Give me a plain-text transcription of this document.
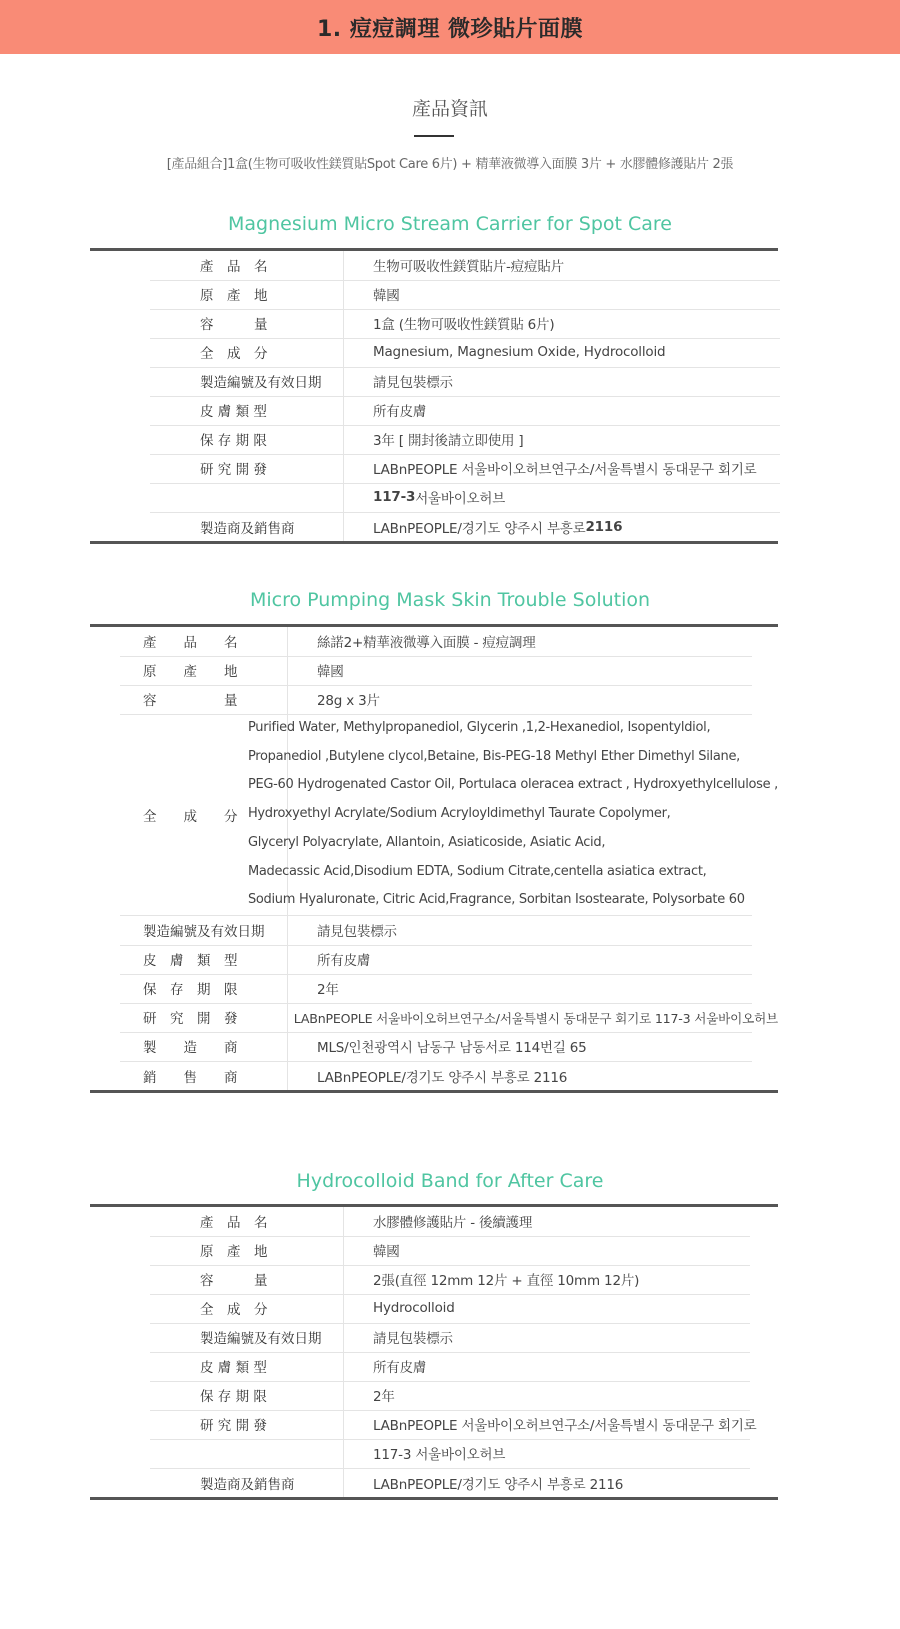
1. 痘痘調理 微珍貼片面膜
產品資訊
[產品組合]1盒(生物可吸收性鎂質貼Spot Care 6片) + 精華液微導入面膜 3片 + 水膠體修護貼片 2張
Magnesium Micro Stream Carrier for Spot Care
產　品　名	生物可吸收性鎂質貼片-痘痘貼片
原　產　地	韓國
容　　　量	1盒 (生物可吸收性鎂質貼 6片)
全　成　分	Magnesium, Magnesium Oxide, Hydrocolloid
製造編號及有效日期	請見包裝標示
皮 膚 類 型	所有皮膚
保 存 期 限	3年 [ 開封後請立即使用 ]
研 究 開 發	LABnPEOPLE 서울바이오허브연구소/서울특별시 동대문구 회기로
117-3 서울바이오허브
製造商及銷售商	LABnPEOPLE/경기도 양주시 부흥로 2116
Micro Pumping Mask Skin Trouble Solution
產　　品　　名	絲諾2+精華液微導入面膜 - 痘痘調理
原　　產　　地	韓國
容　　　　　量	28g x 3片
全　　成　　分
Purified Water, Methylpropanediol, Glycerin ,1,2-Hexanediol, Isopentyldiol,
Propanediol ,Butylene clycol,Betaine, Bis-PEG-18 Methyl Ether Dimethyl Silane,
PEG-60 Hydrogenated Castor Oil, Portulaca oleracea extract , Hydroxyethylcellulose ,
Hydroxyethyl Acrylate/Sodium Acryloyldimethyl Taurate Copolymer,
Glyceryl Polyacrylate, Allantoin, Asiaticoside, Asiatic Acid,
Madecassic Acid,Disodium EDTA, Sodium Citrate,centella asiatica extract,
Sodium Hyaluronate, Citric Acid,Fragrance, Sorbitan Isostearate, Polysorbate 60
製造編號及有效日期	請見包裝標示
皮　膚　類　型	所有皮膚
保　存　期　限	2年
研　究　開　發	LABnPEOPLE 서울바이오허브연구소/서울특별시 동대문구 회기로 117-3 서울바이오허브
製　　造　　商	MLS/인천광역시 남동구 남동서로 114번길 65
銷　　售　　商	LABnPEOPLE/경기도 양주시 부흥로 2116
Hydrocolloid Band for After Care
產　品　名	水膠體修護貼片 - 後續護理
原　產　地	韓國
容　　　量	2張(直徑 12mm 12片 + 直徑 10mm 12片)
全　成　分	Hydrocolloid
製造編號及有效日期	請見包裝標示
皮 膚 類 型	所有皮膚
保 存 期 限	2年
研 究 開 發	LABnPEOPLE 서울바이오허브연구소/서울특별시 동대문구 회기로
117-3 서울바이오허브
製造商及銷售商	LABnPEOPLE/경기도 양주시 부흥로 2116
